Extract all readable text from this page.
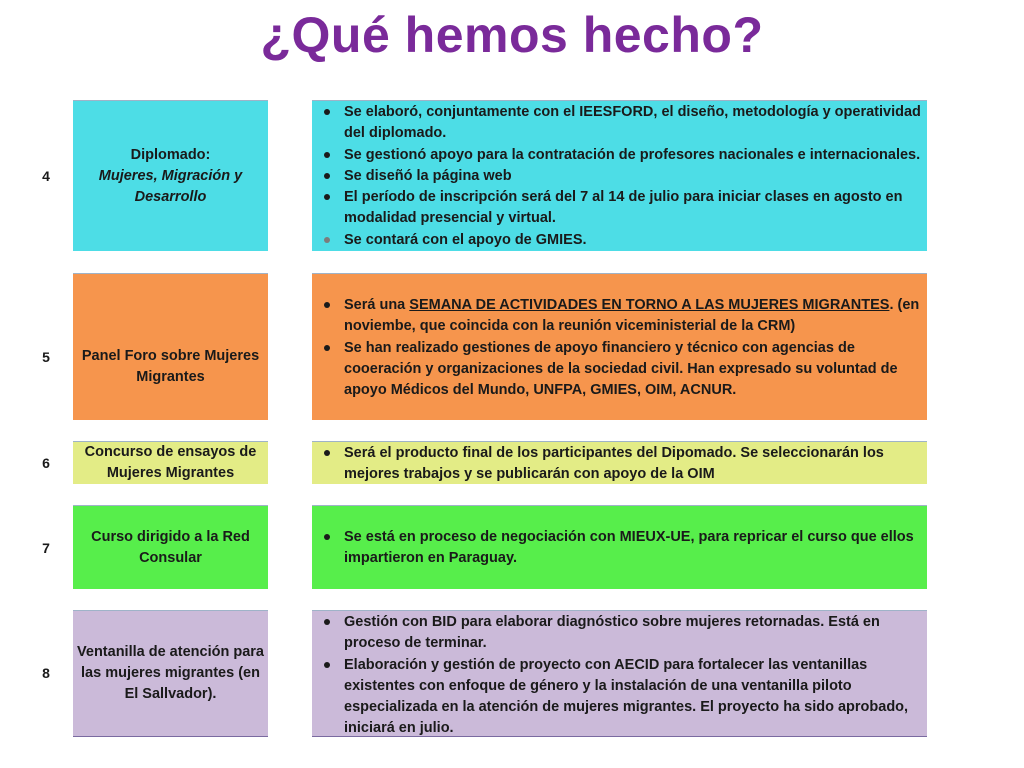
¿Qué hemos hecho?
4
Diplomado:
Mujeres, Migración y Desarrollo
Se elaboró, conjuntamente con el IEESFORD, el diseño, metodología y operatividad del diplomado.
Se gestionó apoyo para la contratación de profesores nacionales e internacionales.
Se diseñó la página web
El período de inscripción será del 7 al 14 de julio para iniciar clases en agosto en modalidad presencial y virtual.
Se contará con el apoyo de GMIES.
5	Panel Foro sobre Mujeres Migrantes
Será una SEMANA DE ACTIVIDADES EN TORNO A LAS MUJERES MIGRANTES. (en noviembe, que coincida con la reunión viceministerial de la CRM)
Se han realizado gestiones de apoyo financiero y técnico con agencias de cooeración y organizaciones de la sociedad civil. Han expresado su voluntad de apoyo Médicos del Mundo, UNFPA, GMIES, OIM, ACNUR.
6
Concurso de ensayos de Mujeres Migrantes
Será el producto final de los participantes del Dipomado. Se seleccionarán los mejores trabajos y se publicarán con apoyo de la OIM
7
Curso dirigido a la Red Consular
Se está en proceso de negociación con MIEUX-UE, para repricar el curso que ellos impartieron en Paraguay.
8
Ventanilla de atención para las mujeres migrantes (en El Sallvador).
Gestión con BID para elaborar diagnóstico sobre mujeres retornadas. Está en proceso de terminar.
Elaboración y gestión de proyecto con AECID para fortalecer las ventanillas existentes con enfoque de género y la instalación de una ventanilla piloto especializada en la atención de mujeres migrantes. El proyecto ha sido aprobado, iniciará en julio.
